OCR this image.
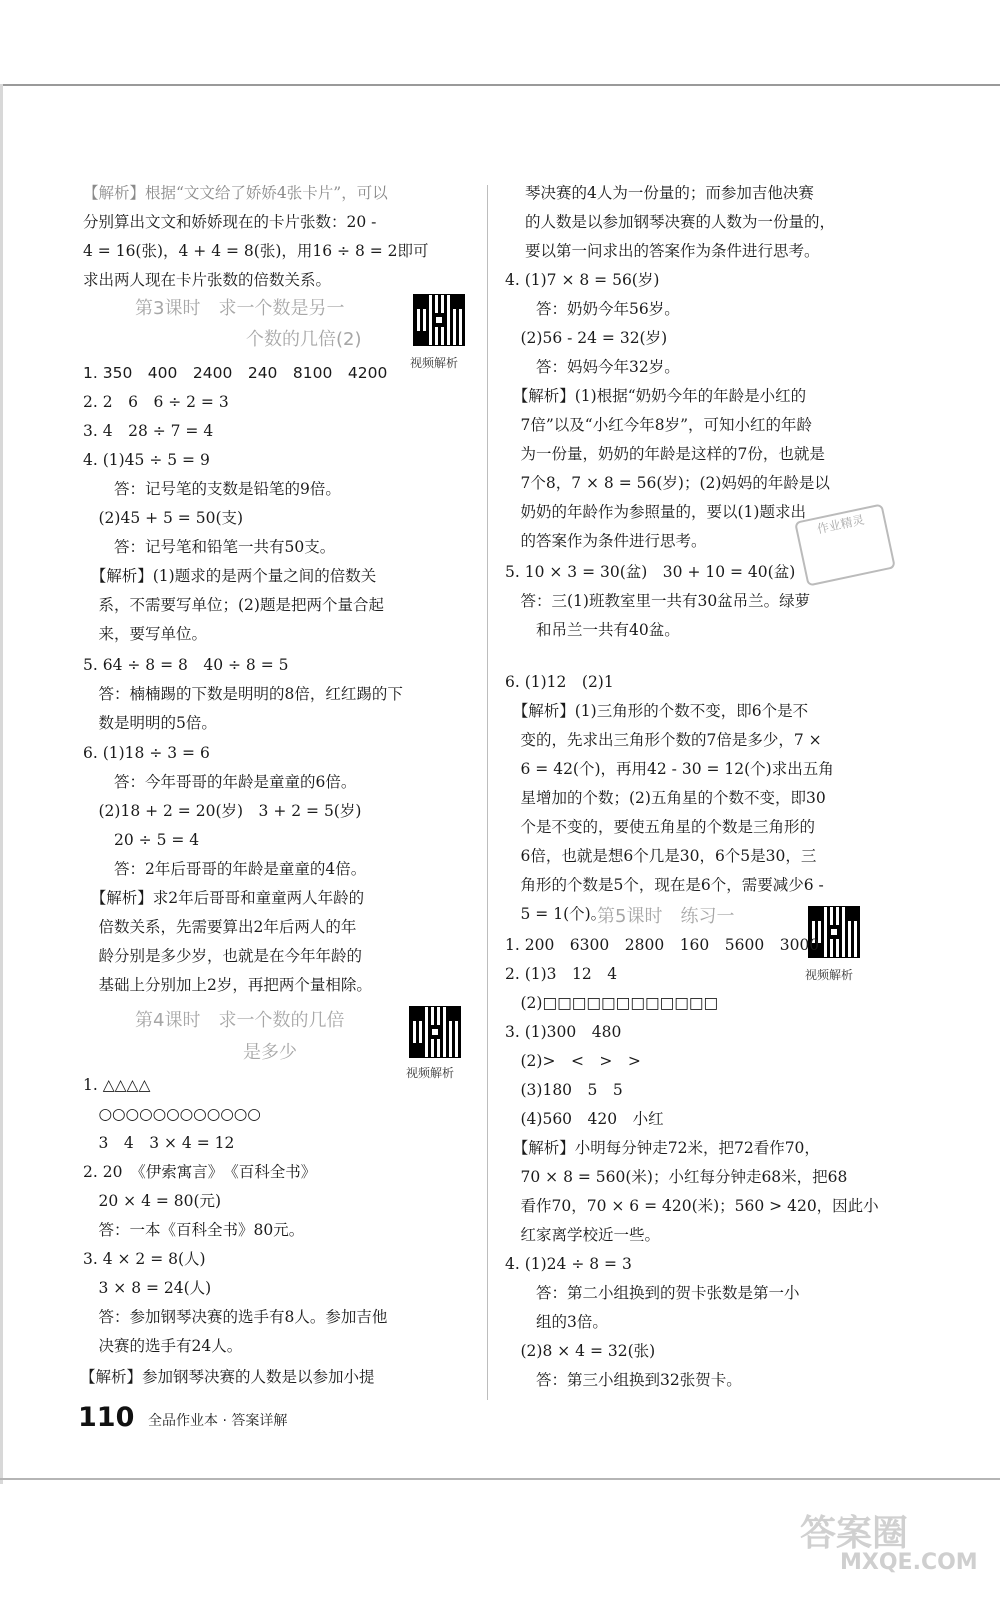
【解析】根据“文文给了娇娇4张卡片”，可以
分别算出文文和娇娇现在的卡片张数：20 -
4 = 16(张)，4 + 4 = 8(张)，用16 ÷ 8 = 2即可
求出两人现在卡片张数的倍数关系。
第3课时　求一个数是另一
个数的几倍(2)
视频解析
1. 350　400　2400　240　8100　4200
2. 2　6　6 ÷ 2 = 3
3. 4　28 ÷ 7 = 4
4. (1)45 ÷ 5 = 9
　　答：记号笔的支数是铅笔的9倍。
　(2)45 + 5 = 50(支)
　　答：记号笔和铅笔一共有50支。
　【解析】(1)题求的是两个量之间的倍数关
　系，不需要写单位；(2)题是把两个量合起
　来，要写单位。
5. 64 ÷ 8 = 8　40 ÷ 8 = 5
　答：楠楠踢的下数是明明的8倍，红红踢的下
　数是明明的5倍。
6. (1)18 ÷ 3 = 6
　　答：今年哥哥的年龄是童童的6倍。
　(2)18 + 2 = 20(岁)　3 + 2 = 5(岁)
　　20 ÷ 5 = 4
　　答：2年后哥哥的年龄是童童的4倍。
　【解析】求2年后哥哥和童童两人年龄的
　倍数关系，先需要算出2年后两人的年
　龄分别是多少岁，也就是在今年年龄的
　基础上分别加上2岁，再把两个量相除。
第4课时　求一个数的几倍
是多少
视频解析
1. △△△△
　○○○○○○○○○○○○
　3　4　3 × 4 = 12
2. 20　《伊索寓言》　《百科全书》
　20 × 4 = 80(元)
　答：一本《百科全书》80元。
3. 4 × 2 = 8(人)
　3 × 8 = 24(人)
　答：参加钢琴决赛的选手有8人。参加吉他
　决赛的选手有24人。
【解析】参加钢琴决赛的人数是以参加小提
琴决赛的4人为一份量的；而参加吉他决赛
的人数是以参加钢琴决赛的人数为一份量的，
要以第一问求出的答案作为条件进行思考。
4. (1)7 × 8 = 56(岁)
　　答：奶奶今年56岁。
　(2)56 - 24 = 32(岁)
　　答：妈妈今年32岁。
　【解析】(1)根据“奶奶今年的年龄是小红的
　7倍”以及“小红今年8岁”，可知小红的年龄
　为一份量，奶奶的年龄是这样的7份，也就是
　7个8，7 × 8 = 56(岁)；(2)妈妈的年龄是以
　奶奶的年龄作为参照量的，要以(1)题求出
　的答案作为条件进行思考。
5. 10 × 3 = 30(盆)　30 + 10 = 40(盆)
　答：三(1)班教室里一共有30盆吊兰。绿萝
　　和吊兰一共有40盆。
6. (1)12　(2)1
　【解析】(1)三角形的个数不变，即6个是不
　变的，先求出三角形个数的7倍是多少，7 ×
　6 = 42(个)，再用42 - 30 = 12(个)求出五角
　星增加的个数；(2)五角星的个数不变，即30
　个是不变的，要使五角星的个数是三角形的
　6倍，也就是想6个几是30，6个5是30，三
　角形的个数是5个，现在是6个，需要减少6 -
　5 = 1(个)。
第5课时　练习一
视频解析
1. 200　6300　2800　160　5600　3000
2. (1)3　12　4
　(2)□□□□□□□□□□□□
3. (1)300　480
　(2)>　<　>　>
　(3)180　5　5
　(4)560　420　小红
　【解析】小明每分钟走72米，把72看作70，
　70 × 8 = 560(米)；小红每分钟走68米，把68
　看作70，70 × 6 = 420(米)；560 > 420，因此小
　红家离学校近一些。
4. (1)24 ÷ 8 = 3
　　答：第二小组换到的贺卡张数是第一小
　　组的3倍。
　(2)8 × 4 = 32(张)
　　答：第三小组换到32张贺卡。
作业精灵
110 全品作业本 · 答案详解
答案圈
MXQE.COM
